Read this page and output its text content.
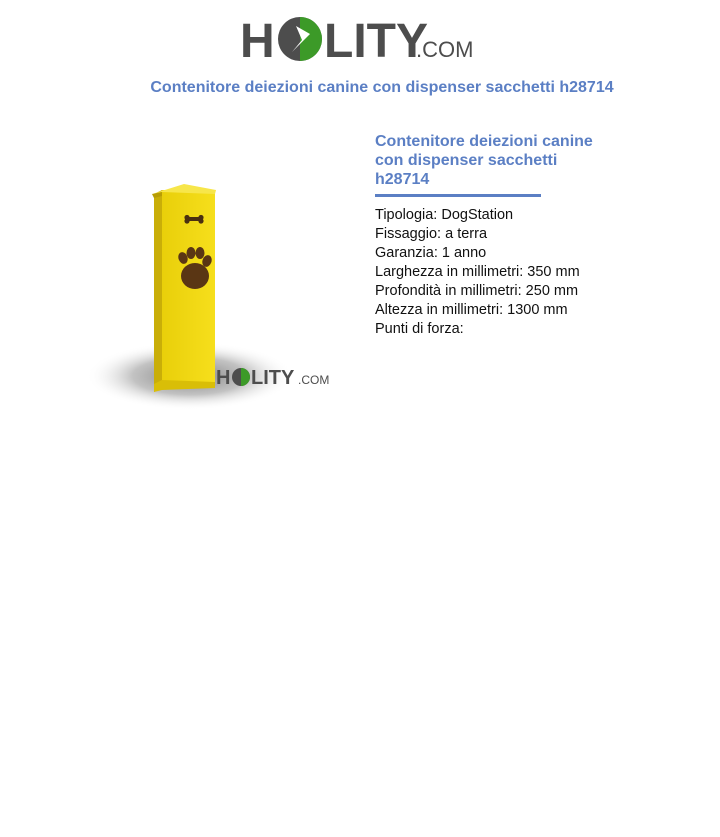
H LITY
.COM
Contenitore deiezioni canine con dispenser sacchetti h28714
H LITY .COM
Contenitore deiezioni canine con dispenser sacchetti h28714
Tipologia: DogStation
Fissaggio: a terra
Garanzia: 1 anno
Larghezza in millimetri: 350 mm
Profondità in millimetri: 250 mm
Altezza in millimetri: 1300 mm
Punti di forza:
